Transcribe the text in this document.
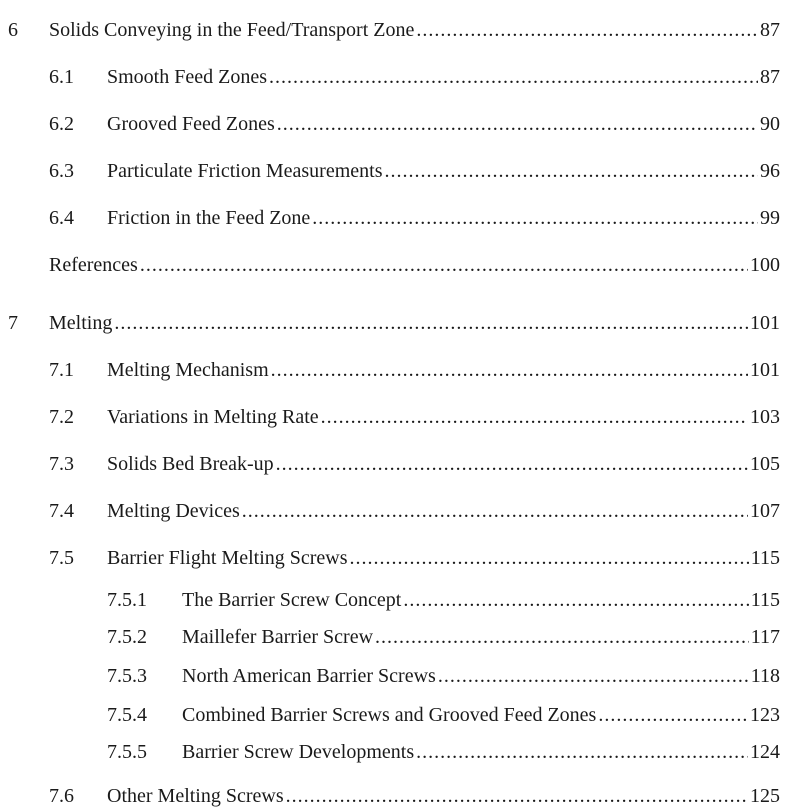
6	Solids Conveying in the Feed/Transport Zone .....	87
6.1	Smooth Feed Zones .....	87
6.2	Grooved Feed Zones .....	90
6.3	Particulate Friction Measurements .....	96
6.4	Friction in the Feed Zone .....	99
References .....	100
7	Melting .....	101
7.1	Melting Mechanism .....	101
7.2	Variations in Melting Rate .....	103
7.3	Solids Bed Break-up .....	105
7.4	Melting Devices .....	107
7.5	Barrier Flight Melting Screws .....	115
7.5.1	The Barrier Screw Concept .....	115
7.5.2	Maillefer Barrier Screw .....	117
7.5.3	North American Barrier Screws .....	118
7.5.4	Combined Barrier Screws and Grooved Feed Zones .....	123
7.5.5	Barrier Screw Developments .....	124
7.6	Other Melting Screws .....	125
